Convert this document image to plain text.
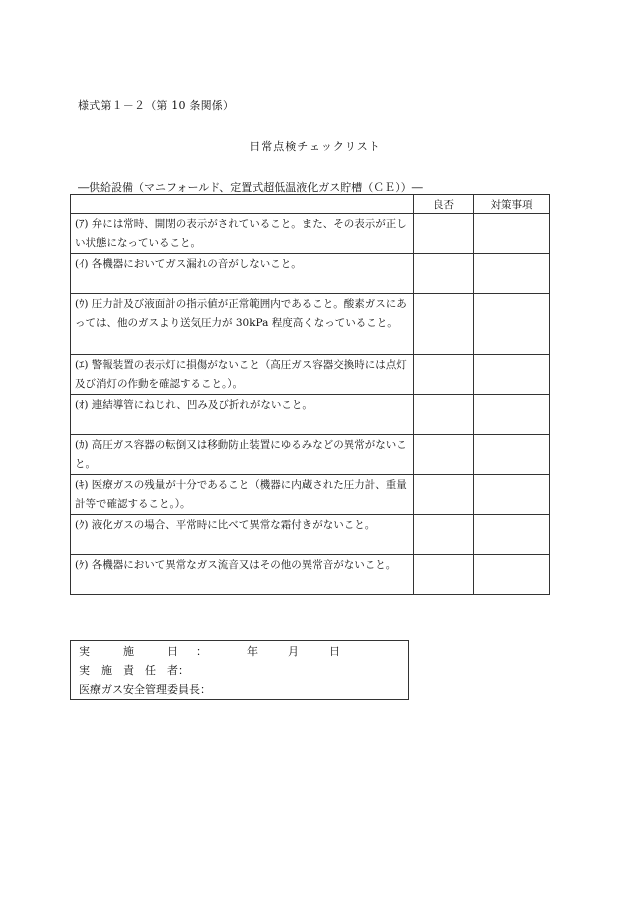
様式第１－２（第 10 条関係）
日常点検チェックリスト
―供給設備（マニフォールド、定置式超低温液化ガス貯槽（ＣＥ））―
	良否	対策事項
(ｱ) 弁には常時、開閉の表示がされていること。また、その表示が正しい状態になっていること。		
(ｲ) 各機器においてガス漏れの音がしないこと。		
(ｳ) 圧力計及び液面計の指示値が正常範囲内であること。酸素ガスにあっては、他のガスより送気圧力が 30kPa 程度高くなっていること。		
(ｴ) 警報装置の表示灯に損傷がないこと（高圧ガス容器交換時には点灯及び消灯の作動を確認すること。）。		
(ｵ) 連結導管にねじれ、凹み及び折れがないこと。		
(ｶ) 高圧ガス容器の転倒又は移動防止装置にゆるみなどの異常がないこと。		
(ｷ) 医療ガスの残量が十分であること（機器に内蔵された圧力計、重量計等で確認すること。）。		
(ｸ) 液化ガスの場合、平常時に比べて異常な霜付きがないこと。		
(ｹ) 各機器において異常なガス流音又はその他の異常音がないこと。		
実　　　施　　　日 ：	年	月	日
実　施　責　任　者：
医療ガス安全管理委員長：
